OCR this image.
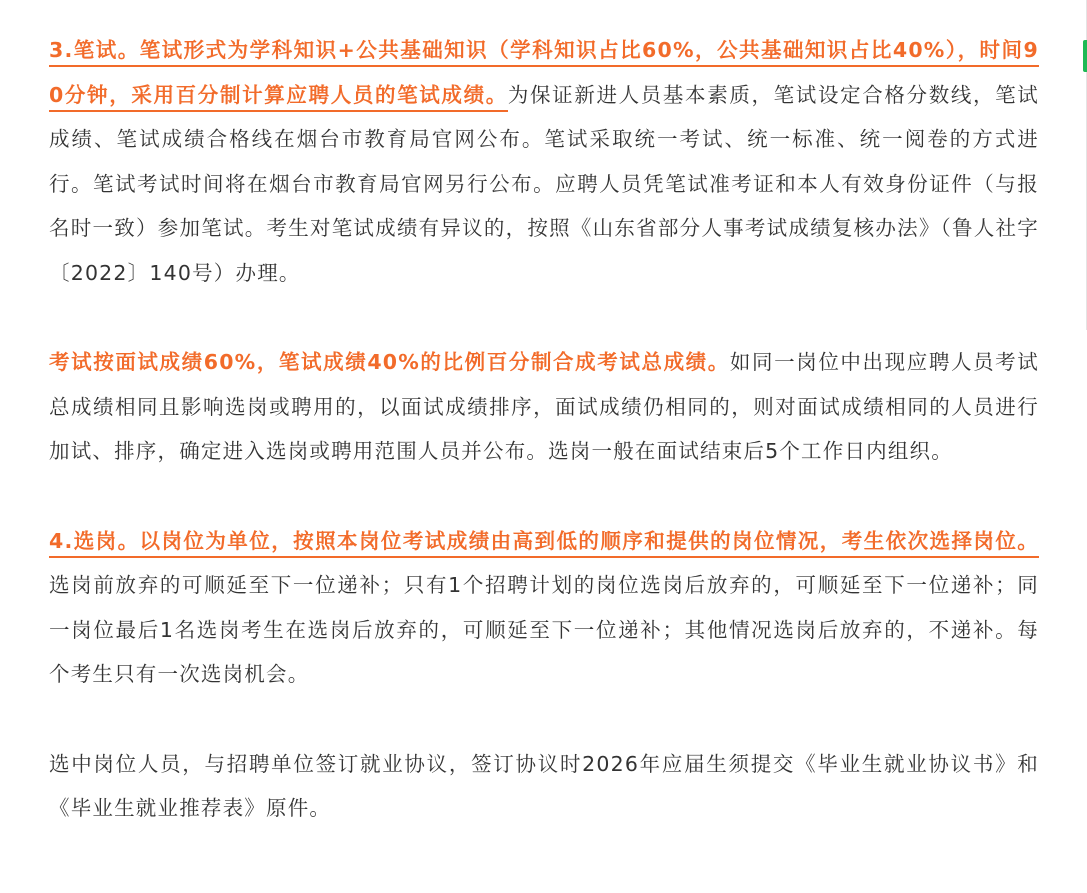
3.笔试。笔试形式为学科知识+公共基础知识（学科知识占比60%，公共基础知识占比40%），时间90分钟，采用百分制计算应聘人员的笔试成绩。为保证新进人员基本素质，笔试设定合格分数线，笔试成绩、笔试成绩合格线在烟台市教育局官网公布。笔试采取统一考试、统一标准、统一阅卷的方式进行。笔试考试时间将在烟台市教育局官网另行公布。应聘人员凭笔试准考证和本人有效身份证件（与报名时一致）参加笔试。考生对笔试成绩有异议的，按照《山东省部分人事考试成绩复核办法》（鲁人社字〔2022〕140号）办理。

考试按面试成绩60%，笔试成绩40%的比例百分制合成考试总成绩。如同一岗位中出现应聘人员考试总成绩相同且影响选岗或聘用的，以面试成绩排序，面试成绩仍相同的，则对面试成绩相同的人员进行加试、排序，确定进入选岗或聘用范围人员并公布。选岗一般在面试结束后5个工作日内组织。

4.选岗。以岗位为单位，按照本岗位考试成绩由高到低的顺序和提供的岗位情况，考生依次选择岗位。选岗前放弃的可顺延至下一位递补；只有1个招聘计划的岗位选岗后放弃的，可顺延至下一位递补；同一岗位最后1名选岗考生在选岗后放弃的，可顺延至下一位递补；其他情况选岗后放弃的，不递补。每个考生只有一次选岗机会。

选中岗位人员，与招聘单位签订就业协议，签订协议时2026年应届生须提交《毕业生就业协议书》和《毕业生就业推荐表》原件。
